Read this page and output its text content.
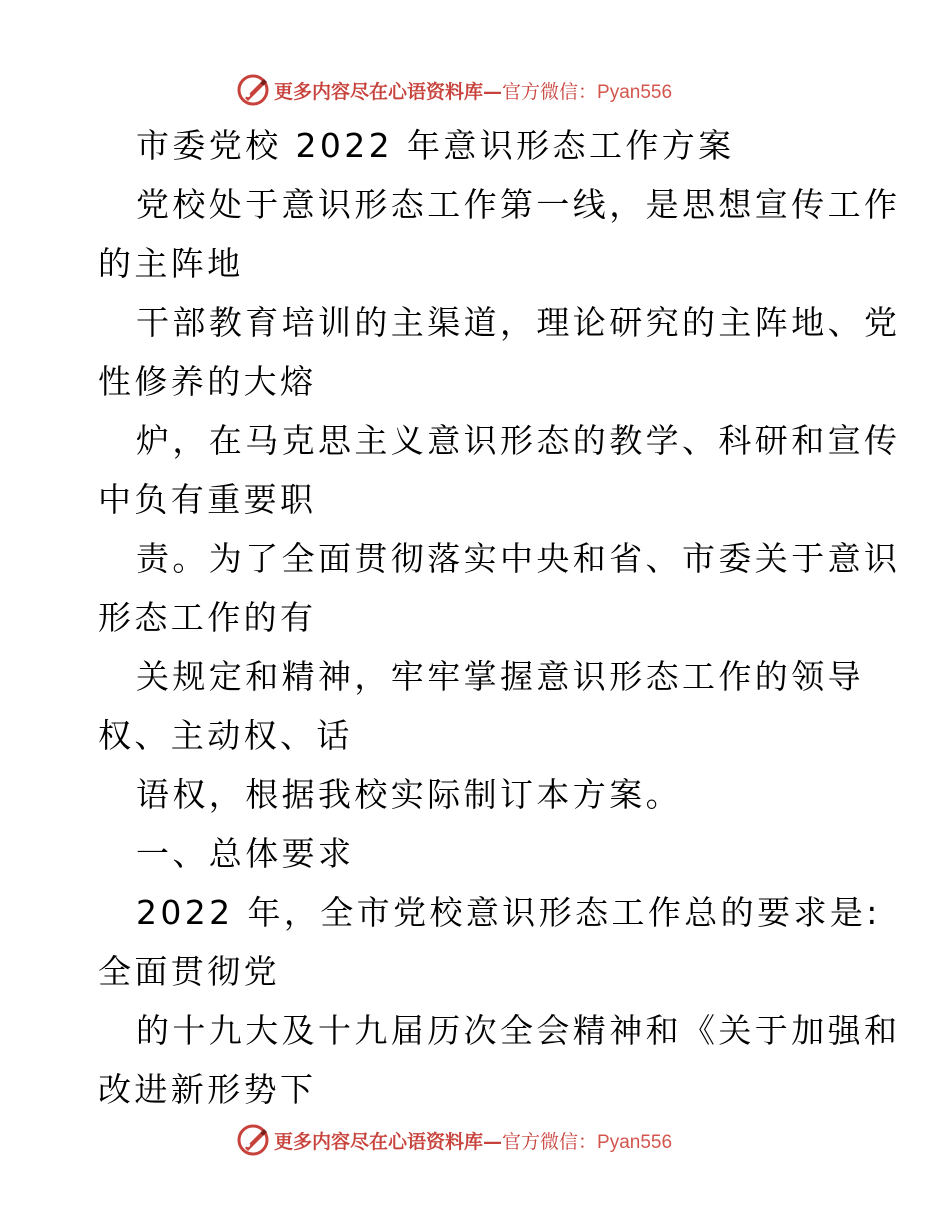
更多内容尽在心语资料库—官方微信：Pyan556
市委党校 2022 年意识形态工作方案
党校处于意识形态工作第一线，是思想宣传工作
的主阵地
干部教育培训的主渠道，理论研究的主阵地、党
性修养的大熔
炉，在马克思主义意识形态的教学、科研和宣传
中负有重要职
责。为了全面贯彻落实中央和省、市委关于意识
形态工作的有
关规定和精神，牢牢掌握意识形态工作的领导
权、主动权、话
语权，根据我校实际制订本方案。
一、总体要求
2022 年，全市党校意识形态工作总的要求是:
全面贯彻党
的十九大及十九届历次全会精神和《关于加强和
改进新形势下
更多内容尽在心语资料库—官方微信：Pyan556
